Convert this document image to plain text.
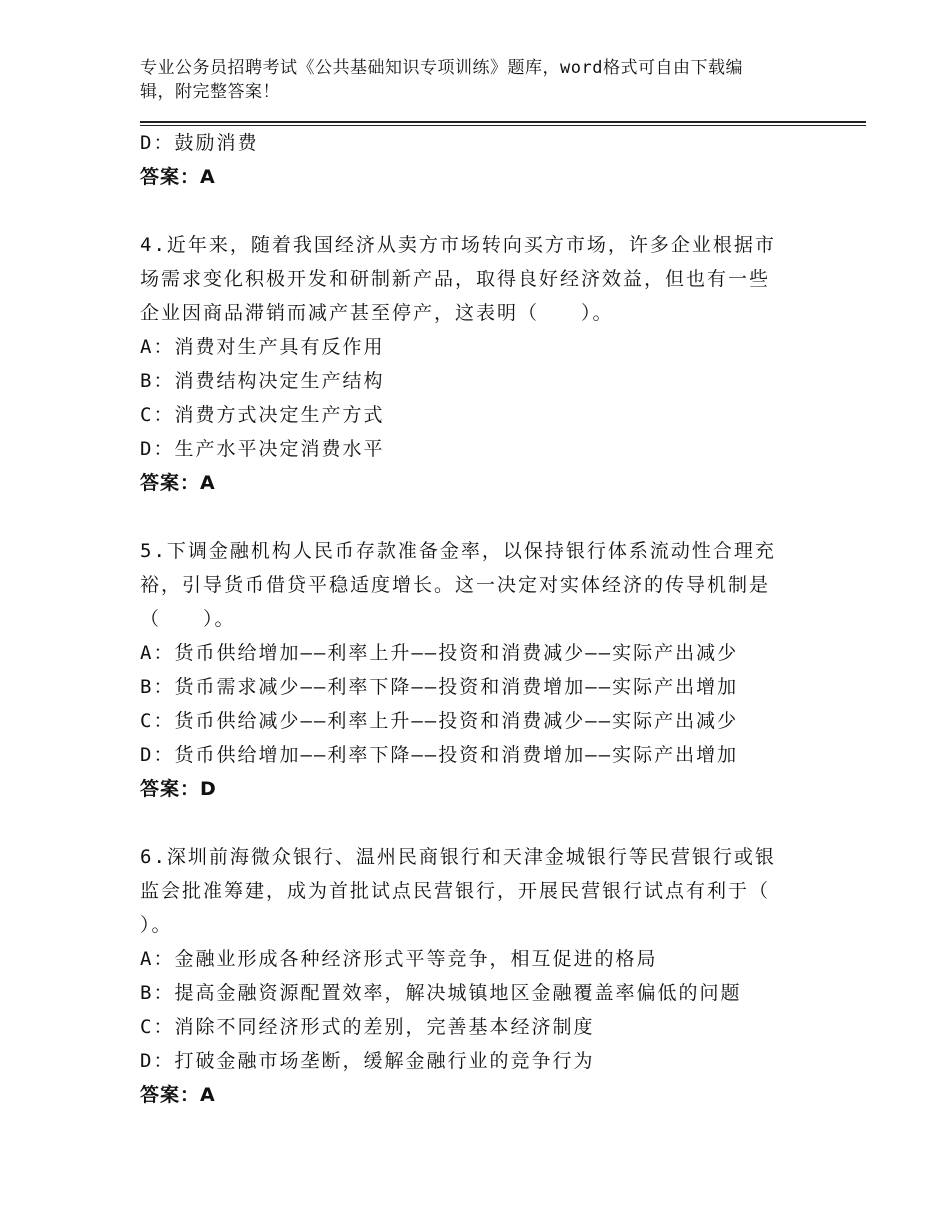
专业公务员招聘考试《公共基础知识专项训练》题库，word格式可自由下载编
辑，附完整答案！
D：鼓励消费
答案：A
4.近年来，随着我国经济从卖方市场转向买方市场，许多企业根据市
场需求变化积极开发和研制新产品，取得良好经济效益，但也有一些
企业因商品滞销而减产甚至停产，这表明（　　）。
A：消费对生产具有反作用
B：消费结构决定生产结构
C：消费方式决定生产方式
D：生产水平决定消费水平
答案：A
5.下调金融机构人民币存款准备金率，以保持银行体系流动性合理充
裕，引导货币借贷平稳适度增长。这一决定对实体经济的传导机制是
（　　）。
A：货币供给增加——利率上升——投资和消费减少——实际产出减少
B：货币需求减少——利率下降——投资和消费增加——实际产出增加
C：货币供给减少——利率上升——投资和消费减少——实际产出减少
D：货币供给增加——利率下降——投资和消费增加——实际产出增加
答案：D
6.深圳前海微众银行、温州民商银行和天津金城银行等民营银行或银
监会批准筹建，成为首批试点民营银行，开展民营银行试点有利于（
）。
A：金融业形成各种经济形式平等竞争，相互促进的格局
B：提高金融资源配置效率，解决城镇地区金融覆盖率偏低的问题
C：消除不同经济形式的差别，完善基本经济制度
D：打破金融市场垄断，缓解金融行业的竞争行为
答案：A
